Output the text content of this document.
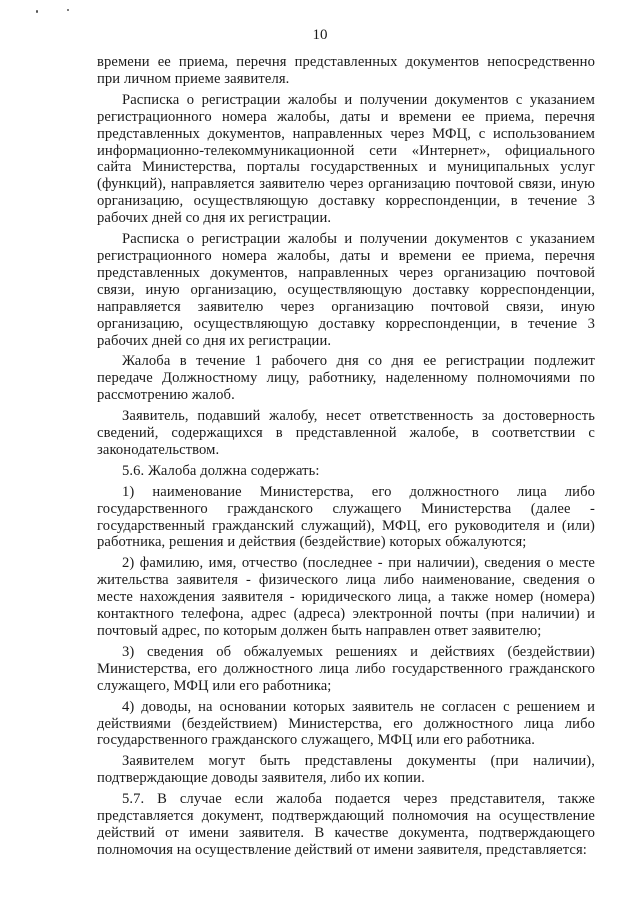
10

времени ее приема, перечня представленных документов непосредственно при личном приеме заявителя.

Расписка о регистрации жалобы и получении документов с указанием регистрационного номера жалобы, даты и времени ее приема, перечня представленных документов, направленных через МФЦ, с использованием информационно-телекоммуникационной сети «Интернет», официального сайта Министерства, порталы государственных и муниципальных услуг (функций), направляется заявителю через организацию почтовой связи, иную организацию, осуществляющую доставку корреспонденции, в течение 3 рабочих дней со дня их регистрации.

Расписка о регистрации жалобы и получении документов с указанием регистрационного номера жалобы, даты и времени ее приема, перечня представленных документов, направленных через организацию почтовой связи, иную организацию, осуществляющую доставку корреспонденции, направляется заявителю через организацию почтовой связи, иную организацию, осуществляющую доставку корреспонденции, в течение 3 рабочих дней со дня их регистрации.

Жалоба в течение 1 рабочего дня со дня ее регистрации подлежит передаче Должностному лицу, работнику, наделенному полномочиями по рассмотрению жалоб.

Заявитель, подавший жалобу, несет ответственность за достоверность сведений, содержащихся в представленной жалобе, в соответствии с законодательством.

5.6. Жалоба должна содержать:

1) наименование Министерства, его должностного лица либо государственного гражданского служащего Министерства (далее - государственный гражданский служащий), МФЦ, его руководителя и (или) работника, решения и действия (бездействие) которых обжалуются;

2) фамилию, имя, отчество (последнее - при наличии), сведения о месте жительства заявителя - физического лица либо наименование, сведения о месте нахождения заявителя - юридического лица, а также номер (номера) контактного телефона, адрес (адреса) электронной почты (при наличии) и почтовый адрес, по которым должен быть направлен ответ заявителю;

3) сведения об обжалуемых решениях и действиях (бездействии) Министерства, его должностного лица либо государственного гражданского служащего, МФЦ или его работника;

4) доводы, на основании которых заявитель не согласен с решением и действиями (бездействием) Министерства, его должностного лица либо государственного гражданского служащего, МФЦ или его работника.

Заявителем могут быть представлены документы (при наличии), подтверждающие доводы заявителя, либо их копии.

5.7. В случае если жалоба подается через представителя, также представляется документ, подтверждающий полномочия на осуществление действий от имени заявителя. В качестве документа, подтверждающего полномочия на осуществление действий от имени заявителя, представляется:
